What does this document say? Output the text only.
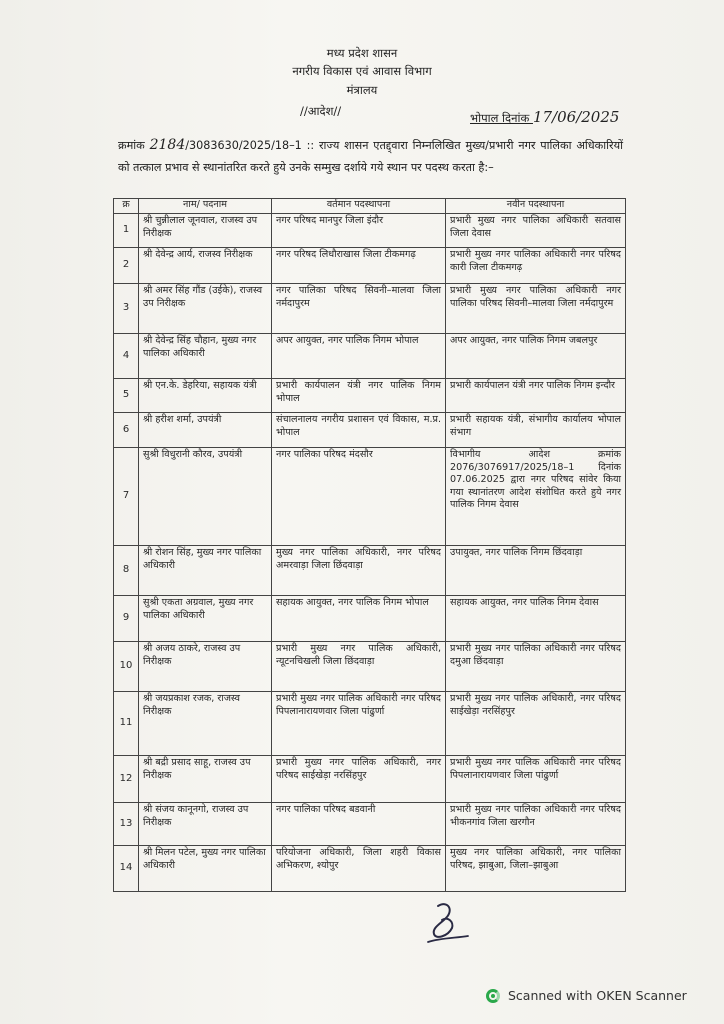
मध्य प्रदेश शासन
नगरीय विकास एवं आवास विभाग
मंत्रालय
//आदेश//	भोपाल दिनांक 17/06/2025
क्रमांक 2184/3083630/2025/18–1 :: राज्य शासन एतद्द्वारा निम्नलिखित मुख्य/प्रभारी नगर पालिका अधिकारियों को तत्काल प्रभाव से स्थानांतरित करते हुये उनके सम्मुख दर्शाये गये स्थान पर पदस्थ करता है:–
क्र	नाम/ पदनाम	वर्तमान पदस्थापना	नवीन पदस्थापना
1	श्री चुन्नीलाल जूनवाल, राजस्व उप निरीक्षक	नगर परिषद मानपुर जिला इंदौर	प्रभारी मुख्य नगर पालिका अधिकारी सतवास जिला देवास
2	श्री देवेन्द्र आर्य, राजस्व निरीक्षक	नगर परिषद लिधौराखास जिला टीकमगढ़	प्रभारी मुख्य नगर पालिका अधिकारी नगर परिषद कारी जिला टीकमगढ़
3	श्री अमर सिंह गौंड (उईके), राजस्व उप निरीक्षक	नगर पालिका परिषद सिवनी–मालवा जिला नर्मदापुरम	प्रभारी मुख्य नगर पालिका अधिकारी नगर पालिका परिषद सिवनी–मालवा जिला नर्मदापुरम
4	श्री देवेन्द्र सिंह चौहान, मुख्य नगर पालिका अधिकारी	अपर आयुक्त, नगर पालिक निगम भोपाल	अपर आयुक्त, नगर पालिक निगम जबलपुर
5	श्री एन.के. डेहरिया, सहायक यंत्री	प्रभारी कार्यपालन यंत्री नगर पालिक निगम भोपाल	प्रभारी कार्यपालन यंत्री नगर पालिक निगम इन्दौर
6	श्री हरीश शर्मा, उपयंत्री	संचालनालय नगरीय प्रशासन एवं विकास, म.प्र. भोपाल	प्रभारी सहायक यंत्री, संभागीय कार्यालय भोपाल संभाग
7	सुश्री विधुरानी कौरव, उपयंत्री	नगर पालिका परिषद मंदसौर	विभागीय आदेश क्रमांक 2076/3076917/2025/18–1 दिनांक 07.06.2025 द्वारा नगर परिषद सांवेर किया गया स्थानांतरण आदेश संशोधित करते हुये नगर पालिक निगम देवास
8	श्री रोशन सिंह, मुख्य नगर पालिका अधिकारी	मुख्य नगर पालिका अधिकारी, नगर परिषद अमरवाड़ा जिला छिंदवाड़ा	उपायुक्त, नगर पालिक निगम छिंदवाड़ा
9	सुश्री एकता अग्रवाल, मुख्य नगर पालिका अधिकारी	सहायक आयुक्त, नगर पालिक निगम भोपाल	सहायक आयुक्त, नगर पालिक निगम देवास
10	श्री अजय ठाकरे, राजस्व उप निरीक्षक	प्रभारी मुख्य नगर पालिक अधिकारी, न्यूटनचिखली जिला छिंदवाड़ा	प्रभारी मुख्य नगर पालिका अधिकारी नगर परिषद दमुआ छिंदवाड़ा
11	श्री जयप्रकाश रजक, राजस्व निरीक्षक	प्रभारी मुख्य नगर पालिक अधिकारी नगर परिषद पिपलानारायणवार जिला पांढुर्णा	प्रभारी मुख्य नगर पालिक अधिकारी, नगर परिषद साईखेड़ा नरसिंहपुर
12	श्री बद्री प्रसाद साहू, राजस्व उप निरीक्षक	प्रभारी मुख्य नगर पालिक अधिकारी, नगर परिषद साईखेड़ा नरसिंहपुर	प्रभारी मुख्य नगर पालिक अधिकारी नगर परिषद पिपलानारायणवार जिला पांढुर्णा
13	श्री संजय कानूनगो, राजस्व उप निरीक्षक	नगर पालिका परिषद बडवानी	प्रभारी मुख्य नगर पालिका अधिकारी नगर परिषद भीकनगांव जिला खरगौन
14	श्री मिलन पटेल, मुख्य नगर पालिका अधिकारी	परियोजना अधिकारी, जिला शहरी विकास अभिकरण, श्योपुर	मुख्य नगर पालिका अधिकारी, नगर पालिका परिषद, झाबुआ, जिला–झाबुआ
Scanned with OKEN Scanner
